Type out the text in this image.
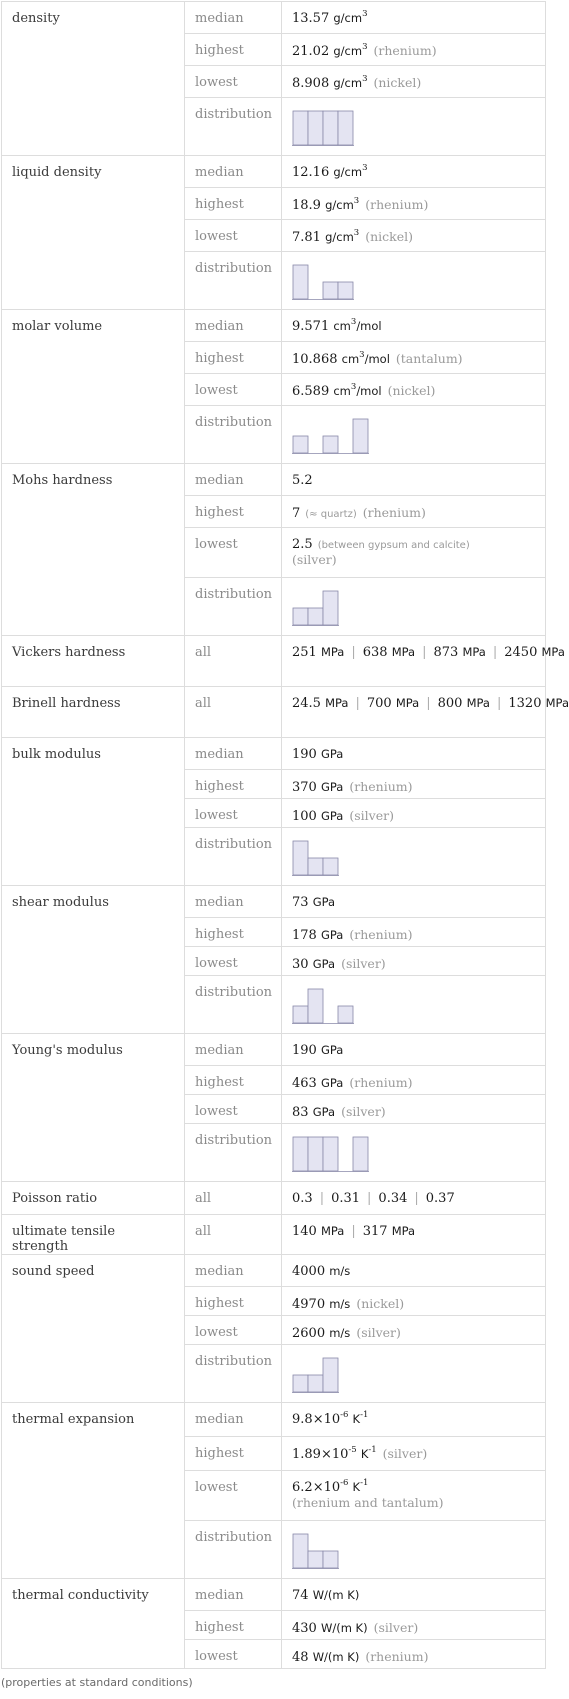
density	median	13.57 $g/cm^3$
	highest	21.02 $g/cm^3$ (rhenium)
	lowest	8.908 $g/cm^3$ (nickel)
	distribution	

liquid density	median	12.16 $g/cm^3$
	highest	18.9 $g/cm^3$ (rhenium)
	lowest	7.81 $g/cm^3$ (nickel)
	distribution	

molar volume	median	9.571 $cm^3$/mol
	highest	10.868 $cm^3$/mol (tantalum)
	lowest	6.589 $cm^3$/mol (nickel)
	distribution	

Mohs hardness	median	5.2
	highest	7 (≈ quartz) (rhenium)
	lowest	2.5 (between gypsum and calcite)
(silver)
	distribution	

Vickers hardness	all	251 MPa | 638 MPa | 873 MPa | 2450 MPa
Brinell hardness	all	24.5 MPa | 700 MPa | 800 MPa | 1320 MPa
bulk modulus	median	190 GPa
	highest	370 GPa (rhenium)
	lowest	100 GPa (silver)
	distribution	

shear modulus	median	73 GPa
	highest	178 GPa (rhenium)
	lowest	30 GPa (silver)
	distribution	

Young's modulus	median	190 GPa
	highest	463 GPa (rhenium)
	lowest	83 GPa (silver)
	distribution	

Poisson ratio	all	0.3 | 0.31 | 0.34 | 0.37
ultimate tensile strength	all	140 MPa | 317 MPa
sound speed	median	4000 m/s
	highest	4970 m/s (nickel)
	lowest	2600 m/s (silver)
	distribution	

thermal expansion	median	$9.8\times 10^{-6}$ $K^{-1}$
	highest	$1.89\times 10^{-5}$ $K^{-1}$ (silver)
	lowest	$6.2\times 10^{-6}$ $K^{-1}$
(rhenium and tantalum)
	distribution	

thermal conductivity	median	74 W/(m K)
	highest	430 W/(m K) (silver)
	lowest	48 W/(m K) (rhenium)
(properties at standard conditions)
